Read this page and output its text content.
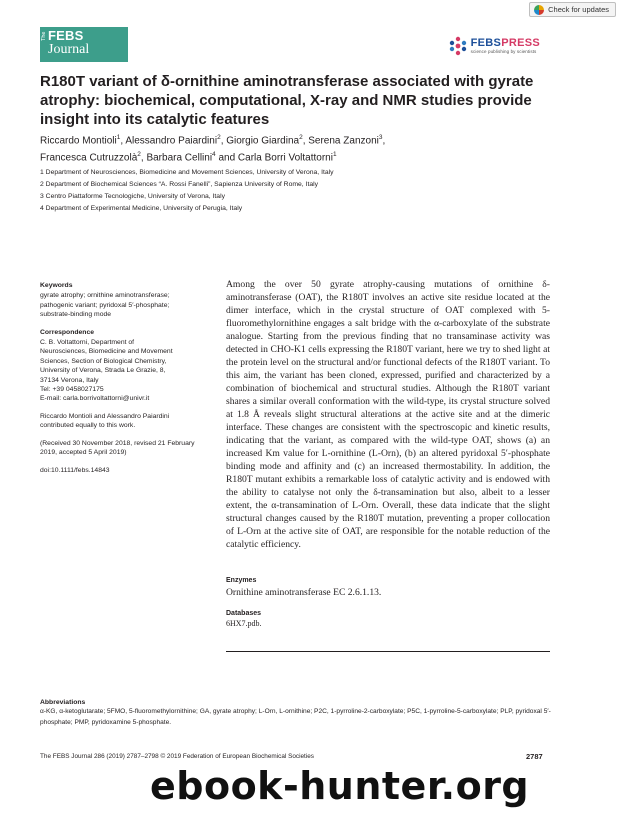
Check for updates
The FEBS
Journal	FEBSPRESS
science publishing by scientists
R180T variant of δ-ornithine aminotransferase associated with gyrate atrophy: biochemical, computational, X-ray and NMR studies provide insight into its catalytic features
Riccardo Montioli$^1$, Alessandro Paiardini$^2$, Giorgio Giardina$^2$, Serena Zanzoni$^3$,
Francesca Cutruzzolà$^2$, Barbara Cellini$^4$ and Carla Borri Voltattorni$^1$
1 Department of Neurosciences, Biomedicine and Movement Sciences, University of Verona, Italy
2 Department of Biochemical Sciences “A. Rossi Fanelli”, Sapienza University of Rome, Italy
3 Centro Piattaforme Tecnologiche, University of Verona, Italy
4 Department of Experimental Medicine, University of Perugia, Italy
Keywords

gyrate atrophy; ornithine aminotransferase; pathogenic variant; pyridoxal 5′-phosphate; substrate-binding mode

Correspondence

C. B. Voltattorni, Department of

Neurosciences, Biomedicine and Movement

Sciences, Section of Biological Chemistry,

University of Verona, Strada Le Grazie, 8,

37134 Verona, Italy

Tel: +39 0458027175

E-mail: carla.borrivoltattorni@univr.it

Riccardo Montioli and Alessandro Paiardini contributed equally to this work.

(Received 30 November 2018, revised 21 February 2019, accepted 5 April 2019)

doi:10.1111/febs.14843

Among the over 50 gyrate atrophy-causing mutations of ornithine δ-aminotransferase (OAT), the R180T involves an active site residue located at the dimer interface, which in the crystal structure of OAT complexed with 5-fluoromethylornithine engages a salt bridge with the α-carboxylate of the substrate analogue. Starting from the previous finding that no transaminase activity was detected in CHO-K1 cells expressing the R180T variant, here we try to shed light at the protein level on the structural and/or functional defects of the R180T variant. To this aim, the variant has been cloned, expressed, purified and characterized by a combination of biochemical and structural studies. Although the R180T variant shares a similar overall conformation with the wild-type, its crystal structure solved at 1.8 Å reveals slight structural alterations at the active site and at the dimeric interface. These changes are consistent with the spectroscopic and kinetic results, indicating that the variant, as compared with the wild-type OAT, shows (a) an increased Km value for L-ornithine (L-Orn), (b) an altered pyridoxal 5′-phosphate binding mode and affinity and (c) an increased thermostability. In addition, the R180T mutant exhibits a remarkable loss of catalytic activity and is endowed with the ability to catalyse not only the δ-transamination but also, albeit to a lesser extent, the α-transamination of L-Orn. Overall, these data indicate that the slight structural changes caused by the R180T mutation, preventing a proper collocation of L-Orn at the active site of OAT, are responsible for the notable reduction of the catalytic efficiency.

Enzymes

Ornithine aminotransferase EC 2.6.1.13.

Databases

6HX7.pdb.

Abbreviations

α-KG, α-ketoglutarate; 5FMO, 5-fluoromethylornithine; GA, gyrate atrophy; L-Orn, L-ornithine; P2C, 1-pyrroline-2-carboxylate; P5C, 1-pyrroline-5-carboxylate; PLP, pyridoxal 5′-phosphate; PMP, pyridoxamine 5-phosphate.

The FEBS Journal 286 (2019) 2787–2798 © 2019 Federation of European Biochemical Societies	2787
ebook-hunter.org
